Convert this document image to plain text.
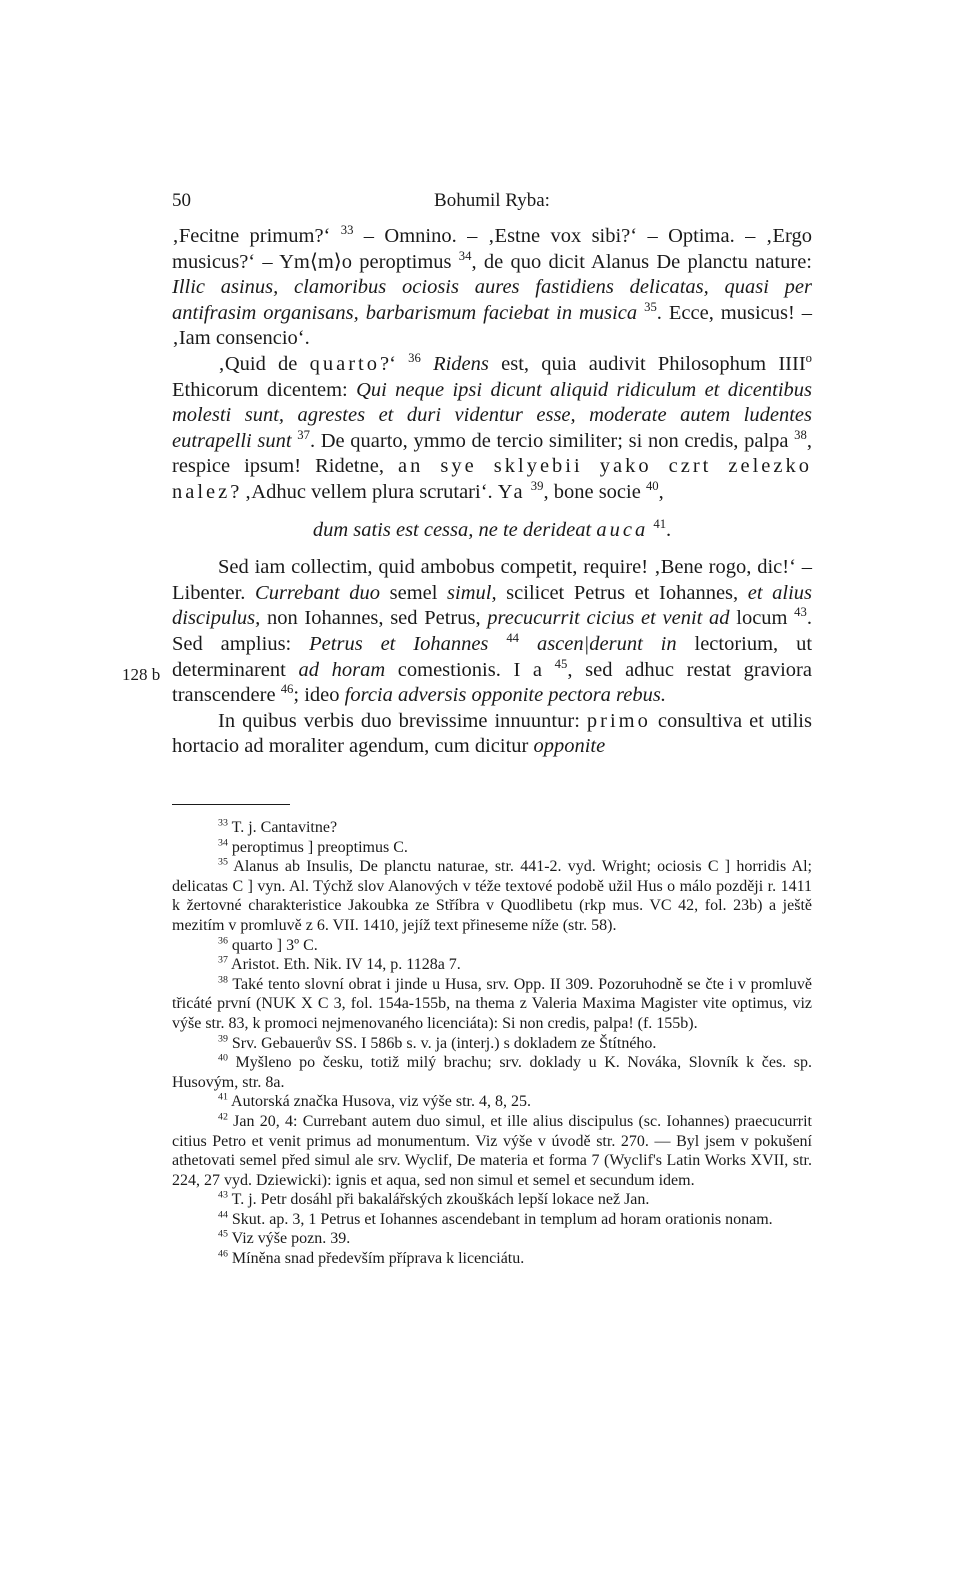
50	Bohumil Ryba:
128 b

‚Fecitne primum?‘ $^{33}$ – Omnino. – ‚Estne vox sibi?‘ – Optima. – ‚Ergo musicus?‘ – Ym⟨m⟩o peroptimus $^{34}$, de quo dicit Alanus De planctu nature: Illic asinus, clamoribus ociosis aures fastidiens delicatas, quasi per antifrasim organisans, barbarismum faciebat in musica $^{35}$. Ecce, musicus! – ‚Iam consencio‘.

‚Quid de quarto?‘ $^{36}$ Ridens est, quia audivit Philosophum IIII$^o$ Ethicorum dicentem: Qui neque ipsi dicunt aliquid ridiculum et dicentibus molesti sunt, agrestes et duri videntur esse, moderate autem ludentes eutrapelli sunt $^{37}$. De quarto, ymmo de tercio similiter; si non credis, palpa $^{38}$, respice ipsum! Ridetne, an sye sklyebii yako czrt zelezko nalez? ‚Adhuc vellem plura scrutari‘. Ya $^{39}$, bone socie $^{40}$,

dum satis est cessa, ne te derideat auca $^{41}$.

Sed iam collectim, quid ambobus competit, require! ‚Bene rogo, dic!‘ – Libenter. Currebant duo semel simul, scilicet Petrus et Iohannes, et alius discipulus, non Iohannes, sed Petrus, precucurrit cicius et venit ad locum $^{43}$. Sed amplius: Petrus et Iohannes $^{44}$ ascen|derunt in lectorium, ut determinarent ad horam comestionis. I a $^{45}$, sed adhuc restat graviora transcendere $^{46}$; ideo forcia adversis opponite pectora rebus.

In quibus verbis duo brevissime innuuntur: primo consultiva et utilis hortacio ad moraliter agendum, cum dicitur opponite

$^{33}$ T. j. Cantavitne?

$^{34}$ peroptimus ] preoptimus C.

$^{35}$ Alanus ab Insulis, De planctu naturae, str. 441-2. vyd. Wright; ociosis C ] horridis Al; delicatas C ] vyn. Al. Týchž slov Alanových v téže textové podobě užil Hus o málo později r. 1411 k žertovné charakteristice Jakoubka ze Stříbra v Quodlibetu (rkp mus. VC 42, fol. 23b) a ještě mezitím v promluvě z 6. VII. 1410, jejíž text přineseme níže (str. 58).

$^{36}$ quarto ] 3º C.

$^{37}$ Aristot. Eth. Nik. IV 14, p. 1128a 7.

$^{38}$ Také tento slovní obrat i jinde u Husa, srv. Opp. II 309. Pozoruhodně se čte i v promluvě třicáté první (NUK X C 3, fol. 154a-155b, na thema z Valeria Maxima Magister vite optimus, viz výše str. 83, k promoci nejmenovaného licenciáta): Si non credis, palpa! (f. 155b).

$^{39}$ Srv. Gebauerův SS. I 586b s. v. ja (interj.) s dokladem ze Štítného.

$^{40}$ Myšleno po česku, totiž milý brachu; srv. doklady u K. Nováka, Slovník k čes. sp. Husovým, str. 8a.

$^{41}$ Autorská značka Husova, viz výše str. 4, 8, 25.

$^{42}$ Jan 20, 4: Currebant autem duo simul, et ille alius discipulus (sc. Iohannes) praecucurrit citius Petro et venit primus ad monumentum. Viz výše v úvodě str. 270. — Byl jsem v pokušení athetovati semel před simul ale srv. Wyclif, De materia et forma 7 (Wyclif's Latin Works XVII, str. 224, 27 vyd. Dziewicki): ignis et aqua, sed non simul et semel et secundum idem.

$^{43}$ T. j. Petr dosáhl při bakalářských zkouškách lepší lokace než Jan.

$^{44}$ Skut. ap. 3, 1 Petrus et Iohannes ascendebant in templum ad horam orationis nonam.

$^{45}$ Viz výše pozn. 39.

$^{46}$ Míněna snad především příprava k licenciátu.
